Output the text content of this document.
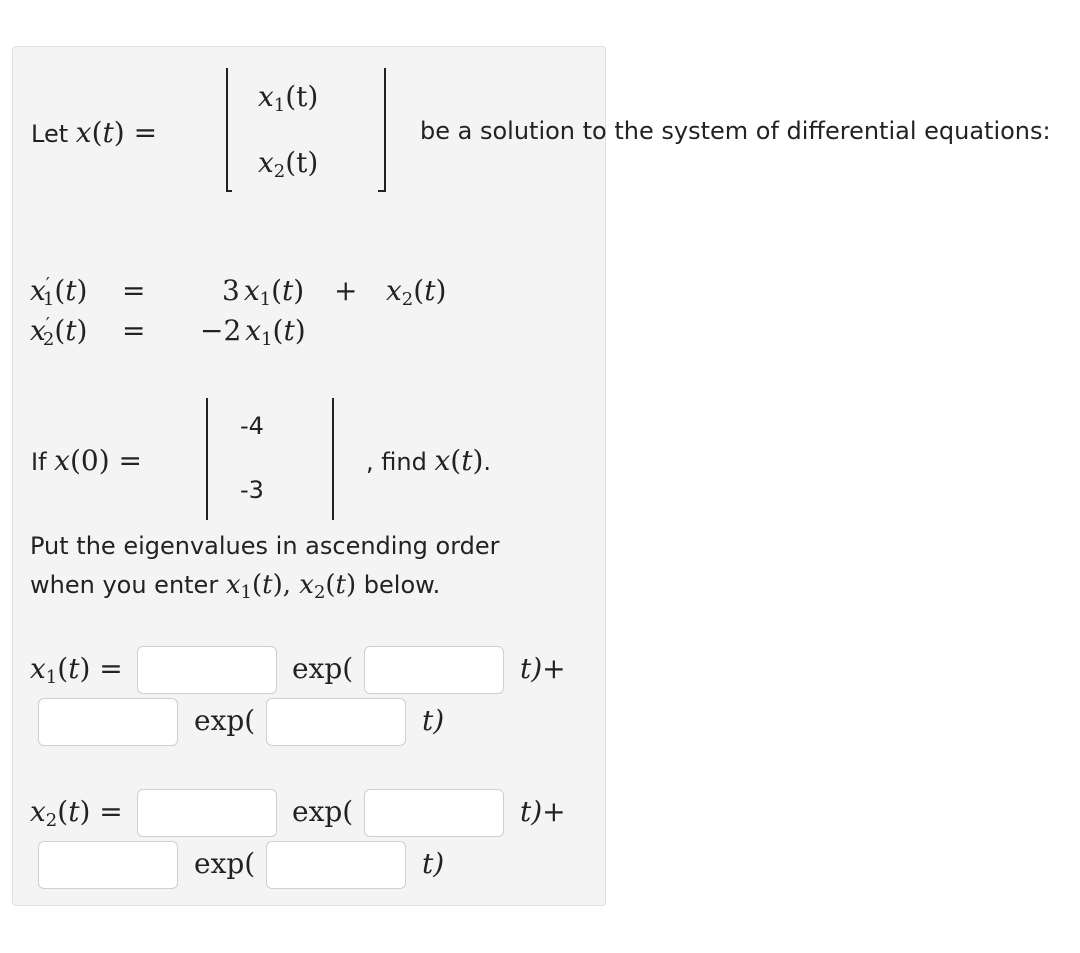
Let x(t) =
$x_1(t)$
$x_2(t)$
be a solution to the system of differential equations:
$x'_1(t)$ =	3 $x_1(t) + x_2(t)$
$x'_2(t) = -2$ $x_1(t)$
If x(0) =
-4
-3
, find x(t).
Put the eigenvalues in ascending order
when you enter $x_1(t)$, $x_2(t)$ below.
$x_1(t)$ =	exp(	t)+
exp(	t)
$x_2(t)$ =	exp(	t)+
exp(	t)
